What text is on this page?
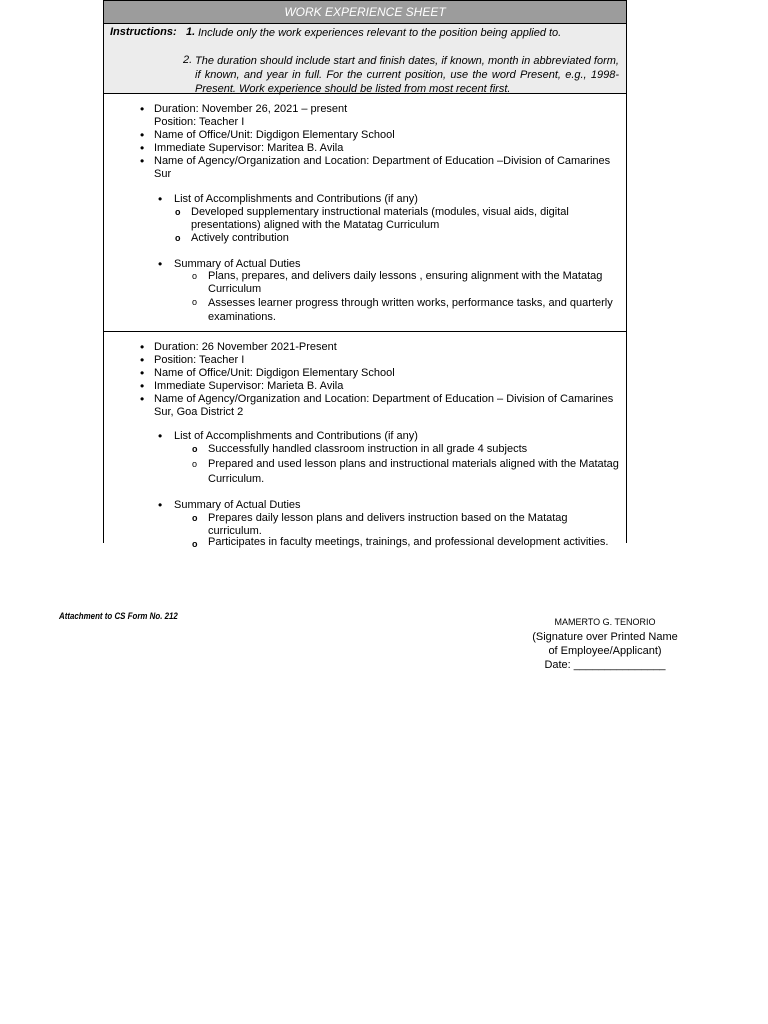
WORK EXPERIENCE SHEET
Instructions: 1. Include only the work experiences relevant to the position being applied to.
2. The duration should include start and finish dates, if known, month in abbreviated form, if known, and year in full. For the current position, use the word Present, e.g., 1998-Present. Work experience should be listed from most recent first.
• Duration: November 26, 2021 – present
Position: Teacher I
• Name of Office/Unit: Digdigon Elementary School
• Immediate Supervisor: Maritea B. Avila
• Name of Agency/Organization and Location: Department of Education –Division of Camarines Sur
• List of Accomplishments and Contributions (if any)
o Developed supplementary instructional materials (modules, visual aids, digital presentations) aligned with the Matatag Curriculum
o Actively contribution
• Summary of Actual Duties
o Plans, prepares, and delivers daily lessons , ensuring alignment with the Matatag Curriculum
o Assesses learner progress through written works, performance tasks, and quarterly examinations.
• Duration: 26 November 2021-Present
• Position: Teacher I
• Name of Office/Unit: Digdigon Elementary School
• Immediate Supervisor: Marieta B. Avila
• Name of Agency/Organization and Location: Department of Education – Division of Camarines Sur, Goa District 2
• List of Accomplishments and Contributions (if any)
o Successfully handled classroom instruction in all grade 4 subjects
o Prepared and used lesson plans and instructional materials aligned with the Matatag Curriculum.
• Summary of Actual Duties
o Prepares daily lesson plans and delivers instruction based on the Matatag curriculum.
o Participates in faculty meetings, trainings, and professional development activities.
Attachment to CS Form No. 212
MAMERTO G. TENORIO
(Signature over Printed Name
of Employee/Applicant)
Date: _______________
